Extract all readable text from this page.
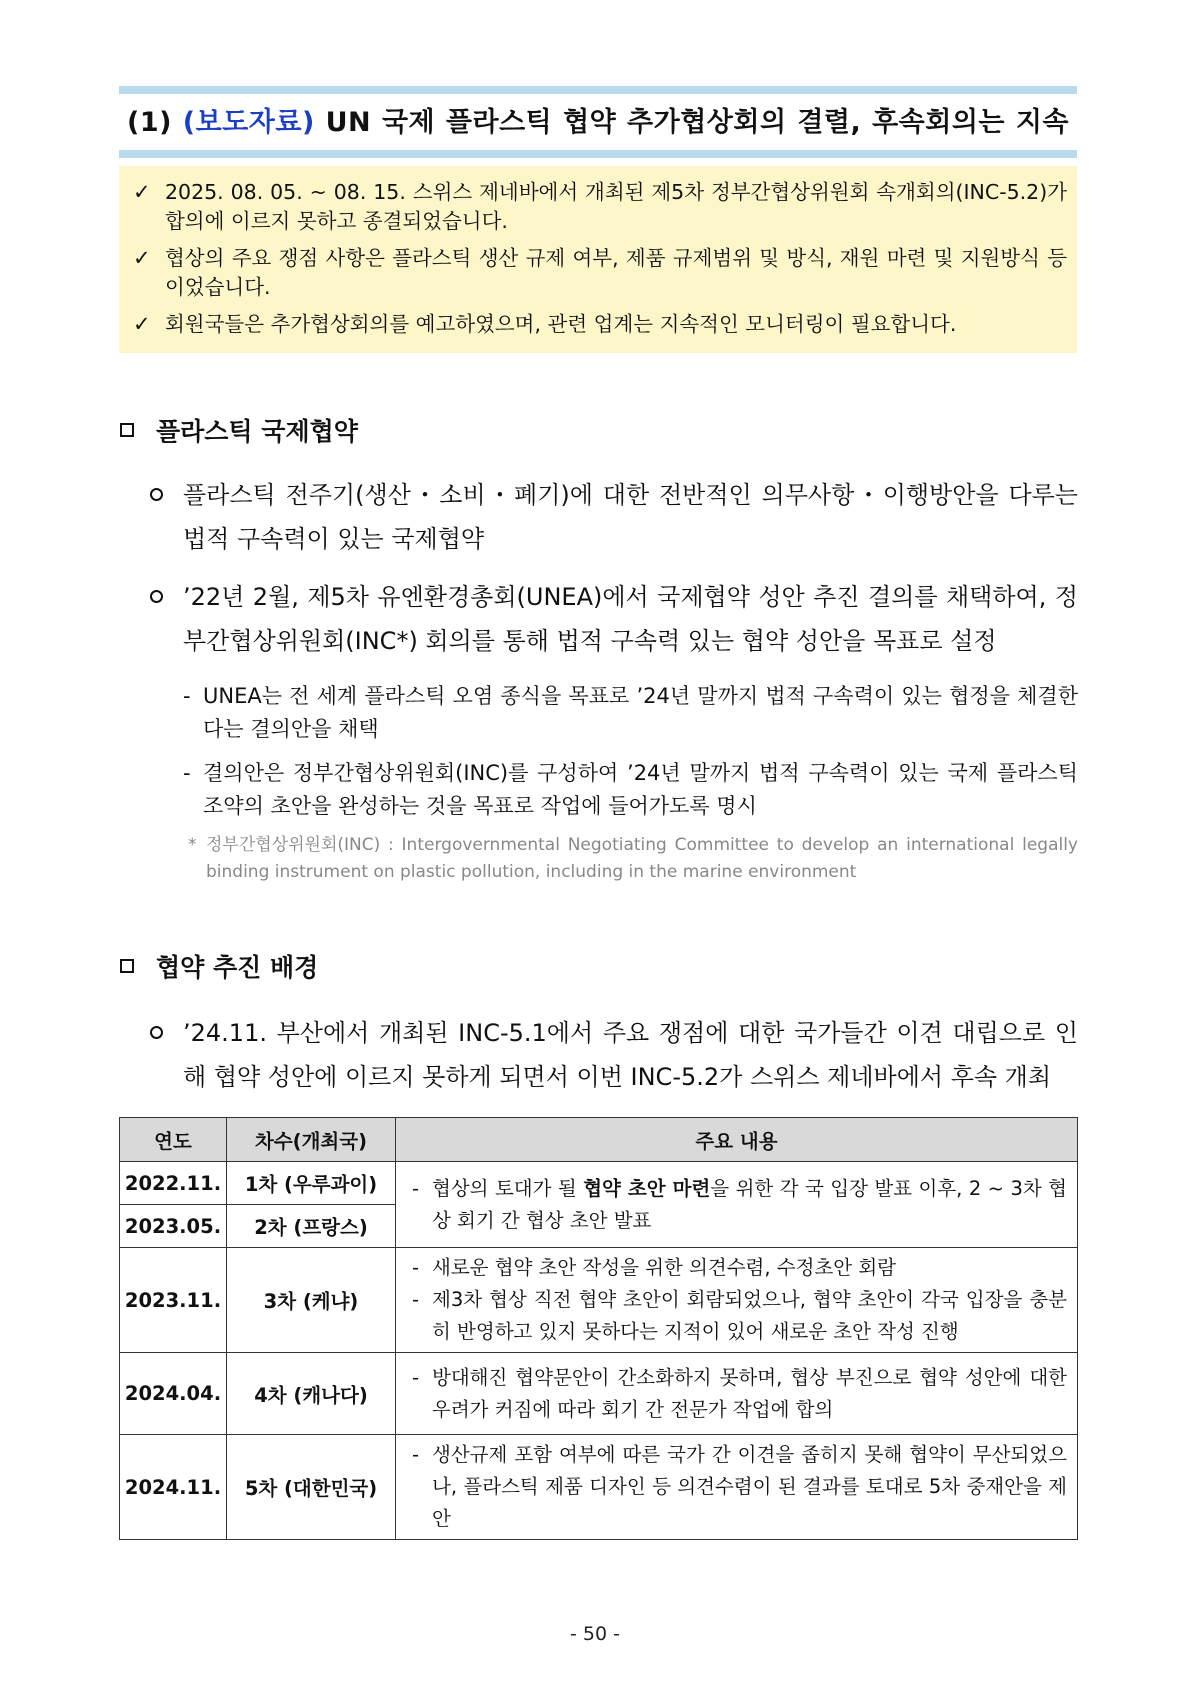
(1) (보도자료) UN 국제 플라스틱 협약 추가협상회의 결렬, 후속회의는 지속
✓ 2025. 08. 05. ~ 08. 15. 스위스 제네바에서 개최된 제5차 정부간협상위원회 속개회의(INC-5.2)가 합의에 이르지 못하고 종결되었습니다.
✓ 협상의 주요 쟁점 사항은 플라스틱 생산 규제 여부, 제품 규제범위 및 방식, 재원 마련 및 지원방식 등이었습니다.
✓ 회원국들은 추가협상회의를 예고하였으며, 관련 업계는 지속적인 모니터링이 필요합니다.
플라스틱 국제협약
플라스틱 전주기(생산・소비・폐기)에 대한 전반적인 의무사항・이행방안을 다루는 법적 구속력이 있는 국제협약
’22년 2월, 제5차 유엔환경총회(UNEA)에서 국제협약 성안 추진 결의를 채택하여, 정부간협상위원회(INC*) 회의를 통해 법적 구속력 있는 협약 성안을 목표로 설정
- UNEA는 전 세계 플라스틱 오염 종식을 목표로 ’24년 말까지 법적 구속력이 있는 협정을 체결한다는 결의안을 채택
- 결의안은 정부간협상위원회(INC)를 구성하여 ’24년 말까지 법적 구속력이 있는 국제 플라스틱 조약의 초안을 완성하는 것을 목표로 작업에 들어가도록 명시
* 정부간협상위원회(INC) : Intergovernmental Negotiating Committee to develop an international legally binding instrument on plastic pollution, including in the marine environment
협약 추진 배경
’24.11. 부산에서 개최된 INC-5.1에서 주요 쟁점에 대한 국가들간 이견 대립으로 인해 협약 성안에 이르지 못하게 되면서 이번 INC-5.2가 스위스 제네바에서 후속 개최
연도	차수(개최국)	주요 내용
2022.11.	1차 (우루과이)	- 협상의 토대가 될 협약 초안 마련을 위한 각 국 입장 발표 이후, 2 ~ 3차 협상 회기 간 협상 초안 발표

2023.05.	2차 (프랑스)	
2023.11.	3차 (케냐)	- 새로운 협약 초안 작성을 위한 의견수렴, 수정초안 회람
- 제3차 협상 직전 협약 초안이 회람되었으나, 협약 초안이 각국 입장을 충분히 반영하고 있지 못하다는 지적이 있어 새로운 초안 작성 진행

2024.04.	4차 (캐나다)	- 방대해진 협약문안이 간소화하지 못하며, 협상 부진으로 협약 성안에 대한 우려가 커짐에 따라 회기 간 전문가 작업에 합의

2024.11.	5차 (대한민국)	- 생산규제 포함 여부에 따른 국가 간 이견을 좁히지 못해 협약이 무산되었으나, 플라스틱 제품 디자인 등 의견수렴이 된 결과를 토대로 5차 중재안을 제안
- 50 -
